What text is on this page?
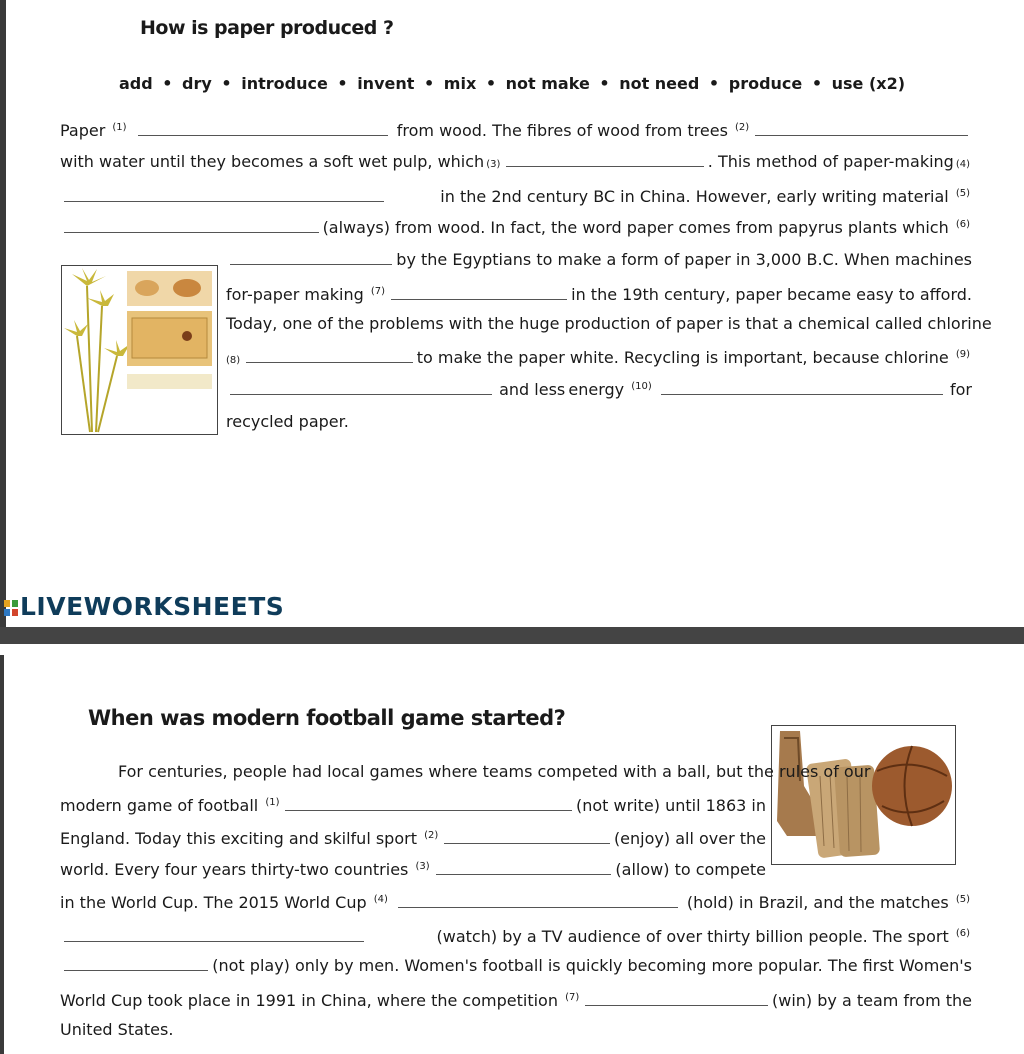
How is paper produced ?
add • dry • introduce • invent • mix • not make • not need • produce • use (x2)
Paper $^{(1)}$	from wood. The fibres of wood from trees $^{(2)}$
with water until they becomes a soft wet pulp, which (3)	. This method of paper-making (4)
in the 2nd century BC in China. However, early writing material $^{(5)}$
(always) from wood. In fact, the word paper comes from papyrus plants which $^{(6)}$
by the Egyptians to make a form of paper in 3,000 B.C. When machines
for-paper making $^{(7)}$	in the 19th century, paper became easy to afford.
Today, one of the problems with the huge production of paper is that a chemical called chlorine
(8)	to make the paper white. Recycling is important, because chlorine $^{(9)}$
and less energy $^{(10)}$	for
recycled paper.
LIVEWORKSHEETS
When was modern football game started?
For centuries, people had local games where teams competed with a ball, but the rules of our
modern game of football $^{(1)}$	(not write) until 1863 in
England. Today this exciting and skilful sport $^{(2)}$	(enjoy) all over the
world. Every four years thirty-two countries $^{(3)}$	(allow) to compete
in the World Cup. The 2015 World Cup $^{(4)}$	(hold) in Brazil, and the matches $^{(5)}$
(watch) by a TV audience of over thirty billion people. The sport $^{(6)}$
(not play) only by men. Women's football is quickly becoming more popular. The first Women's
World Cup took place in 1991 in China, where the competition $^{(7)}$	(win) by a team from the
United States.
